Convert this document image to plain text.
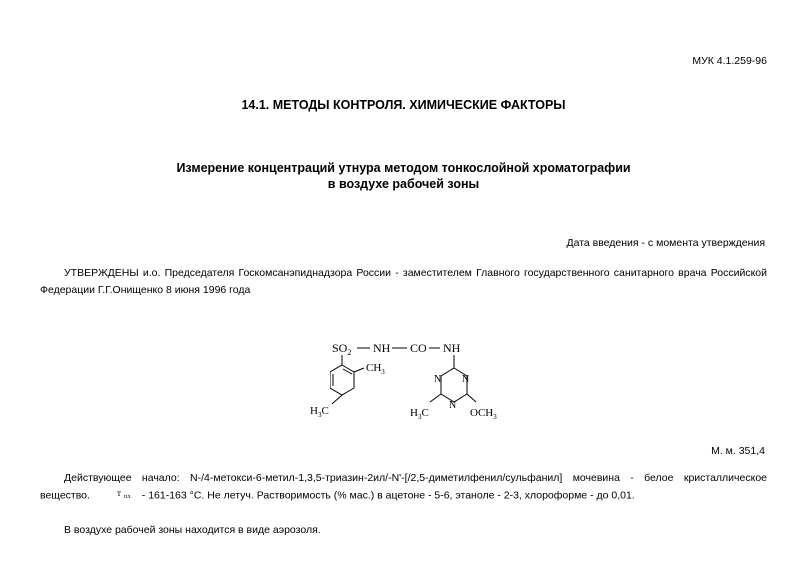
МУК 4.1.259-96
14.1. МЕТОДЫ КОНТРОЛЯ. ХИМИЧЕСКИЕ ФАКТОРЫ
Измерение концентраций утнура методом тонкослойной хроматографии
в воздухе рабочей зоны
Дата введения - с момента утверждения
УТВЕРЖДЕНЫ и.о. Председателя Госкомсанэпиднадзора России - заместителем Главного государственного санитарного врача Российской Федерации Г.Г.Онищенко 8 июня 1996 года
$SO_2$ NH CO NH
$CH_3$
N N
N
$H_3C$	$OCH_3$
$H_3C$
М. м. 351,4
Действующее начало: N-/4-метокси-6-метил-1,3,5-триазин-2ил/-N'-[/2,5-диметилфенил/сульфанил] мочевина - белое кристаллическое вещество.	т пл. - 161-163 °С. Не летуч. Растворимость (% мас.) в ацетоне - 5-6, этаноле - 2-3, хлороформе - до 0,01.
В воздухе рабочей зоны находится в виде аэрозоля.
